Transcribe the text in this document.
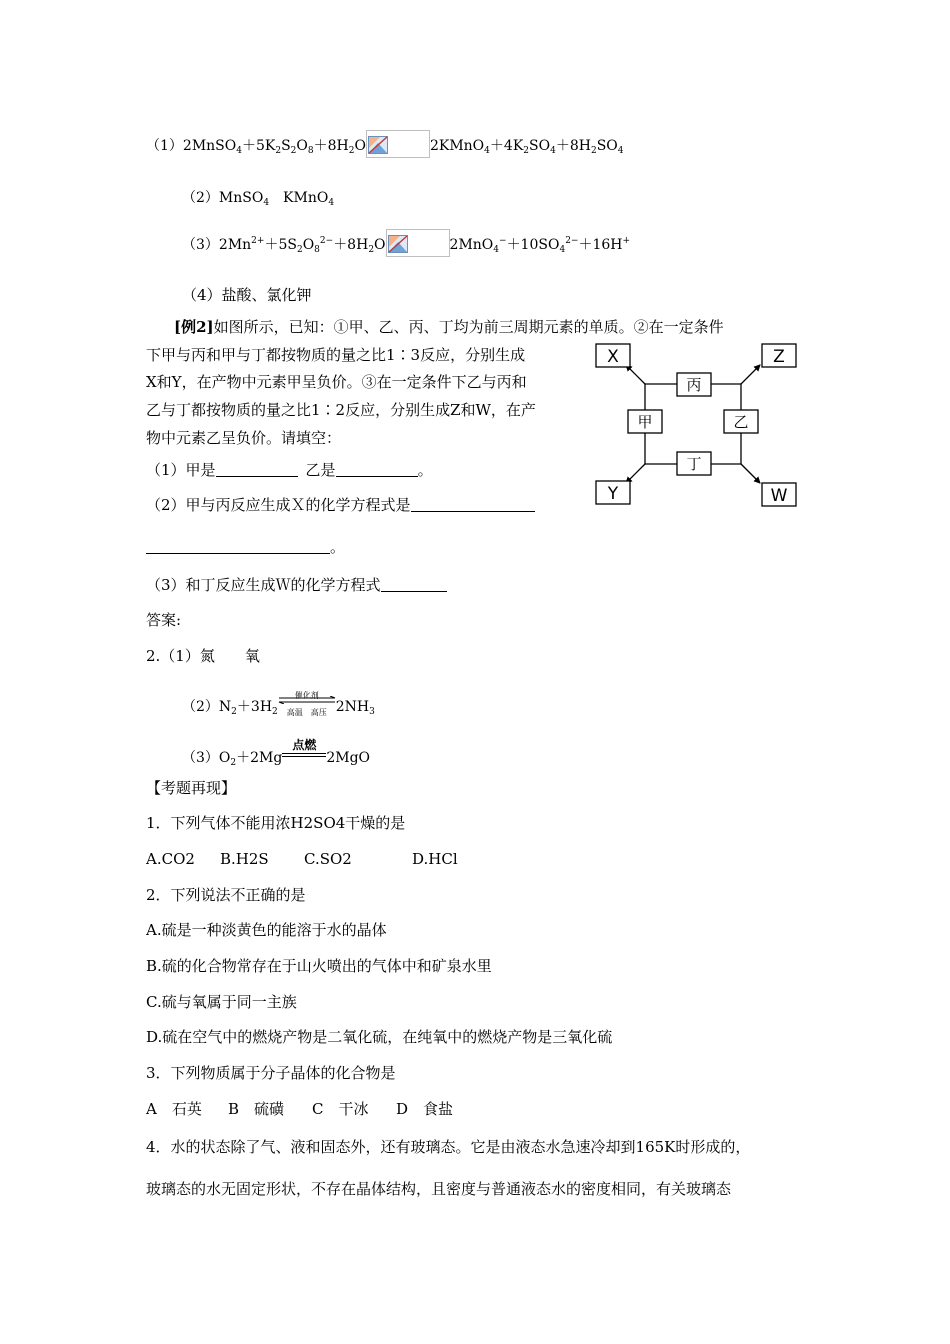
$(1)2MnSO_4+5K_2S_2O_8+8H_2O$	$2KMnO_4+4K_2SO_4+8H_2SO_4$
（2）MnSO$_4$　KMnO$_4$
$(3)2Mn^{2+}+5S_2O_8^{2-}+8H_2O$	$2MnO_4^-+10SO_4^{2-}+16H^+$
（4）盐酸、氯化钾
[例2]如图所示，已知：①甲、乙、丙、丁均为前三周期元素的单质。②在一定条件
下甲与丙和甲与丁都按物质的量之比1∶3反应，分别生成
X和Y，在产物中元素甲呈负价。③在一定条件下乙与丙和
乙与丁都按物质的量之比1∶2反应，分别生成Z和W，在产
物中元素乙呈负价。请填空：
（1）甲是	乙是	。
（2）甲与丙反应生成Ｘ的化学方程式是
。
（3）和丁反应生成Ｗ的化学方程式
X	Z
Y	W
丙
甲	乙
丁
答案:
2.（1）氮　　氧
$(2)N_2+3H_2$
催化剂
高温　高压 $2NH_3$
$(3)O_2+2Mg$
点燃
2MgO
【考题再现】
1．下列气体不能用浓H2SO4干燥的是
A.CO2 B.H2S C.SO2	D.HCl
2．下列说法不正确的是
A.硫是一种淡黄色的能溶于水的晶体
B.硫的化合物常存在于山火喷出的气体中和矿泉水里
C.硫与氧属于同一主族
D.硫在空气中的燃烧产物是二氧化硫，在纯氧中的燃烧产物是三氧化硫
3．下列物质属于分子晶体的化合物是
A　石英 B　硫磺 C　干冰 D　食盐
4．水的状态除了气、液和固态外，还有玻璃态。它是由液态水急速冷却到165K时形成的，
玻璃态的水无固定形状，不存在晶体结构，且密度与普通液态水的密度相同，有关玻璃态
